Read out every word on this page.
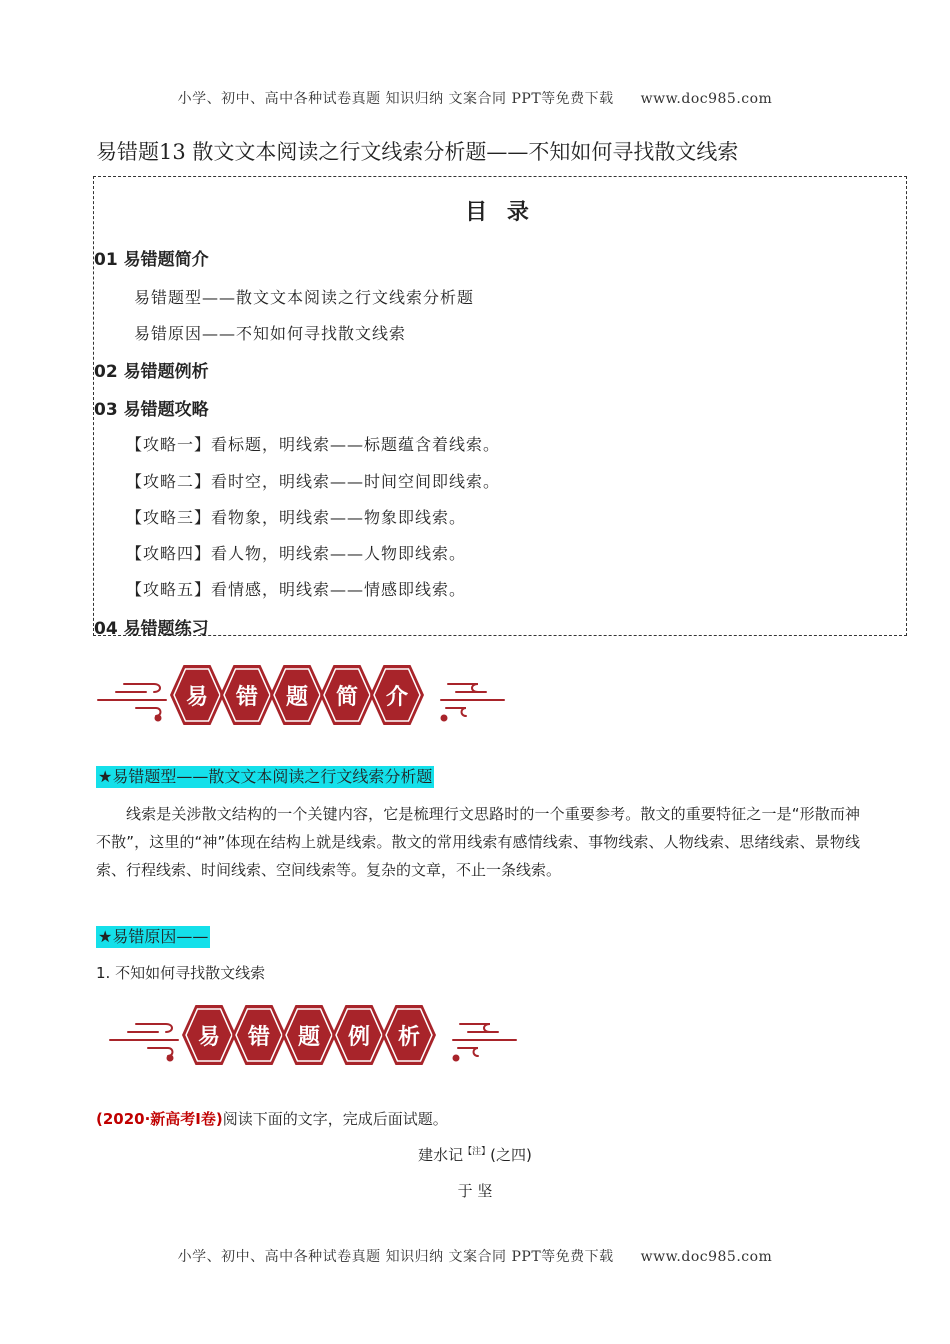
小学、初中、高中各种试卷真题 知识归纳 文案合同 PPT等免费下载 www.doc985.com
易错题13 散文文本阅读之行文线索分析题——不知如何寻找散文线索
目 录
01 易错题简介
易错题型——散文文本阅读之行文线索分析题
易错原因——不知如何寻找散文线索
02 易错题例析
03 易错题攻略
【攻略一】看标题，明线索——标题蕴含着线索。
【攻略二】看时空，明线索——时间空间即线索。
【攻略三】看物象，明线索——物象即线索。
【攻略四】看人物，明线索——人物即线索。
【攻略五】看情感，明线索——情感即线索。
04 易错题练习
易 错 题 简 介
★易错题型——散文文本阅读之行文线索分析题
线索是关涉散文结构的一个关键内容，它是梳理行文思路时的一个重要参考。散文的重要特征之一是“形散而神不散”，这里的“神”体现在结构上就是线索。散文的常用线索有感情线索、事物线索、人物线索、思绪线索、景物线索、行程线索、时间线索、空间线索等。复杂的文章，不止一条线索。
★易错原因——
1. 不知如何寻找散文线索
易 错 题 例 析
(2020·新高考Ⅰ卷)阅读下面的文字，完成后面试题。
建水记$^{【注】}$(之四)
于 坚
小学、初中、高中各种试卷真题 知识归纳 文案合同 PPT等免费下载 www.doc985.com
